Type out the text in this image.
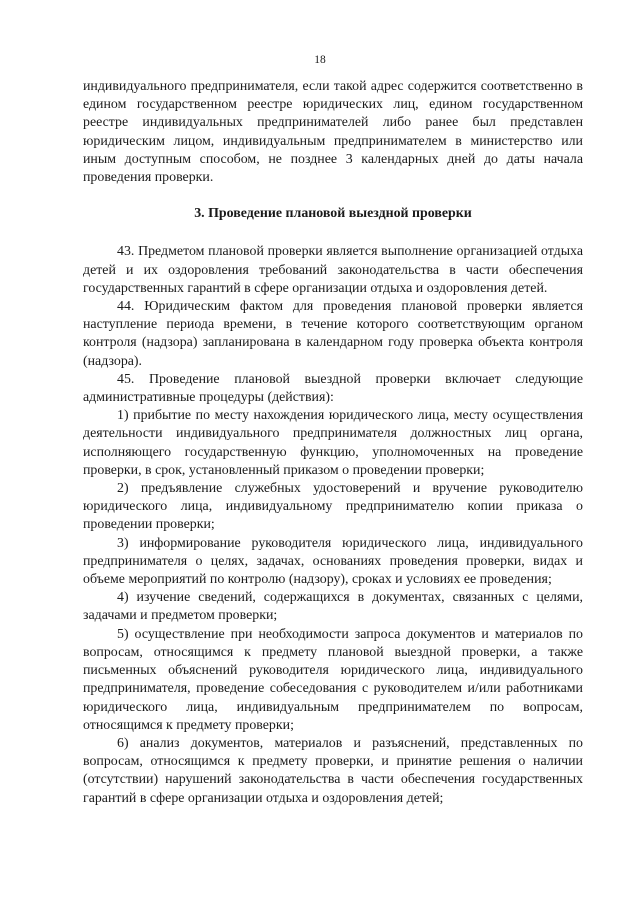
18

индивидуального предпринимателя, если такой адрес содержится соответственно в едином государственном реестре юридических лиц, едином государственном реестре индивидуальных предпринимателей либо ранее был представлен юридическим лицом, индивидуальным предпринимателем в министерство или иным доступным способом, не позднее 3 календарных дней до даты начала проведения проверки.

3. Проведение плановой выездной проверки

43. Предметом плановой проверки является выполнение организацией отдыха детей и их оздоровления требований законодательства в части обеспечения государственных гарантий в сфере организации отдыха и оздоровления детей.

44. Юридическим фактом для проведения плановой проверки является наступление периода времени, в течение которого соответствующим органом контроля (надзора) запланирована в календарном году проверка объекта контроля (надзора).

45. Проведение плановой выездной проверки включает следующие административные процедуры (действия):

1) прибытие по месту нахождения юридического лица, месту осуществления деятельности индивидуального предпринимателя должностных лиц органа, исполняющего государственную функцию, уполномоченных на проведение проверки, в срок, установленный приказом о проведении проверки;

2) предъявление служебных удостоверений и вручение руководителю юридического лица, индивидуальному предпринимателю копии приказа о проведении проверки;

3) информирование руководителя юридического лица, индивидуального предпринимателя о целях, задачах, основаниях проведения проверки, видах и объеме мероприятий по контролю (надзору), сроках и условиях ее проведения;

4) изучение сведений, содержащихся в документах, связанных с целями, задачами и предметом проверки;

5) осуществление при необходимости запроса документов и материалов по вопросам, относящимся к предмету плановой выездной проверки, а также письменных объяснений руководителя юридического лица, индивидуального предпринимателя, проведение собеседования с руководителем и/или работниками юридического лица, индивидуальным предпринимателем по вопросам, относящимся к предмету проверки;

6) анализ документов, материалов и разъяснений, представленных по вопросам, относящимся к предмету проверки, и принятие решения о наличии (отсутствии) нарушений законодательства в части обеспечения государственных гарантий в сфере организации отдыха и оздоровления детей;
